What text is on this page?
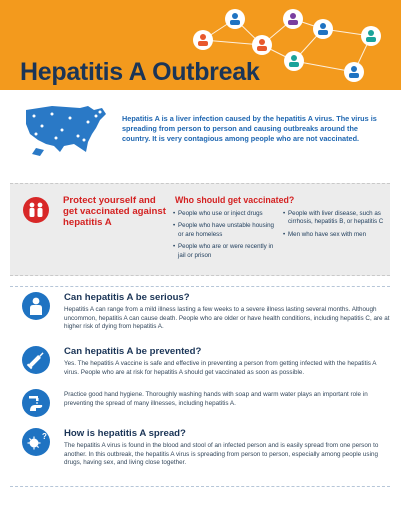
Hepatitis A Outbreak
Hepatitis A is a liver infection caused by the hepatitis A virus. The virus is spreading from person to person and causing outbreaks around the country. It is very contagious among people who are not vaccinated.
Protect yourself and get vaccinated against hepatitis A
Who should get vaccinated?
• People who use or inject drugs
• People who have unstable housing or are homeless
• People who are or were recently in jail or prison
• People with liver disease, such as cirrhosis, hepatitis B, or hepatitis C
• Men who have sex with men
Can hepatitis A be serious?
Hepatitis A can range from a mild illness lasting a few weeks to a severe illness lasting several months. Although uncommon, hepatitis A can cause death. People who are older or have health conditions, including hepatitis C, are at higher risk of dying from hepatitis A.
Can hepatitis A be prevented?
Yes. The hepatitis A vaccine is safe and effective in preventing a person from getting infected with the hepatitis A virus. People who are at risk for hepatitis A should get vaccinated as soon as possible.
Practice good hand hygiene. Thoroughly washing hands with soap and warm water plays an important role in preventing the spread of many illnesses, including hepatitis A.
? How is hepatitis A spread?
The hepatitis A virus is found in the blood and stool of an infected person and is easily spread from one person to another. In this outbreak, the hepatitis A virus is spreading from person to person, especially among people using drugs, having sex, and living close together.
